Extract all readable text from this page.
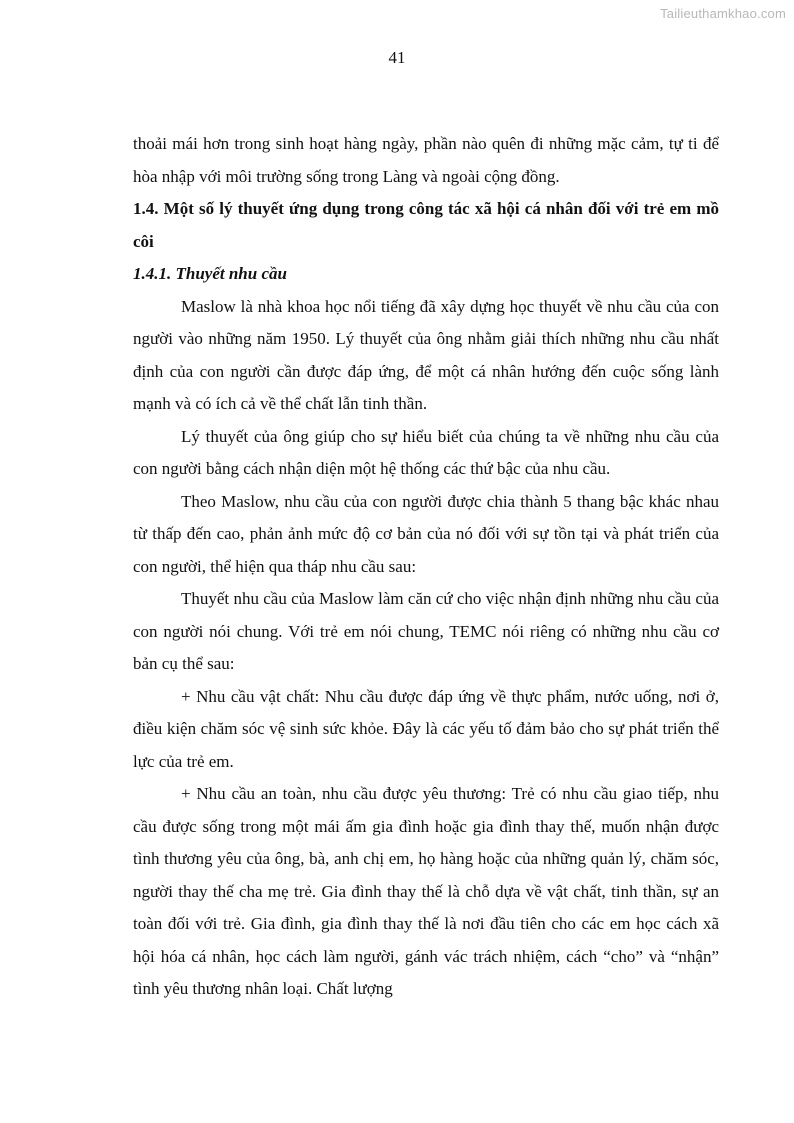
Tailieuthamkhao.com
41

thoải mái hơn trong sinh hoạt hàng ngày, phần nào quên đi những mặc cảm, tự ti để hòa nhập với môi trường sống trong Làng và ngoài cộng đồng.

1.4. Một số lý thuyết ứng dụng trong công tác xã hội cá nhân đối với trẻ em mồ côi

1.4.1. Thuyết nhu cầu

Maslow là nhà khoa học nổi tiếng đã xây dựng học thuyết về nhu cầu của con người vào những năm 1950. Lý thuyết của ông nhằm giải thích những nhu cầu nhất định của con người cần được đáp ứng, để một cá nhân hướng đến cuộc sống lành mạnh và có ích cả về thể chất lẫn tinh thần.

Lý thuyết của ông giúp cho sự hiểu biết của chúng ta về những nhu cầu của con người bằng cách nhận diện một hệ thống các thứ bậc của nhu cầu.

Theo Maslow, nhu cầu của con người được chia thành 5 thang bậc khác nhau từ thấp đến cao, phản ảnh mức độ cơ bản của nó đối với sự tồn tại và phát triển của con người, thể hiện qua tháp nhu cầu sau:

Thuyết nhu cầu của Maslow làm căn cứ cho việc nhận định những nhu cầu của con người nói chung. Với trẻ em nói chung, TEMC nói riêng có những nhu cầu cơ bản cụ thể sau:

+ Nhu cầu vật chất: Nhu cầu được đáp ứng về thực phẩm, nước uống, nơi ở, điều kiện chăm sóc vệ sinh sức khỏe. Đây là các yếu tố đảm bảo cho sự phát triển thể lực của trẻ em.

+ Nhu cầu an toàn, nhu cầu được yêu thương: Trẻ có nhu cầu giao tiếp, nhu cầu được sống trong một mái ấm gia đình hoặc gia đình thay thế, muốn nhận được tình thương yêu của ông, bà, anh chị em, họ hàng hoặc của những quản lý, chăm sóc, người thay thế cha mẹ trẻ. Gia đình thay thế là chỗ dựa về vật chất, tinh thần, sự an toàn đối với trẻ. Gia đình, gia đình thay thế là nơi đầu tiên cho các em học cách xã hội hóa cá nhân, học cách làm người, gánh vác trách nhiệm, cách “cho” và “nhận” tình yêu thương nhân loại. Chất lượng
